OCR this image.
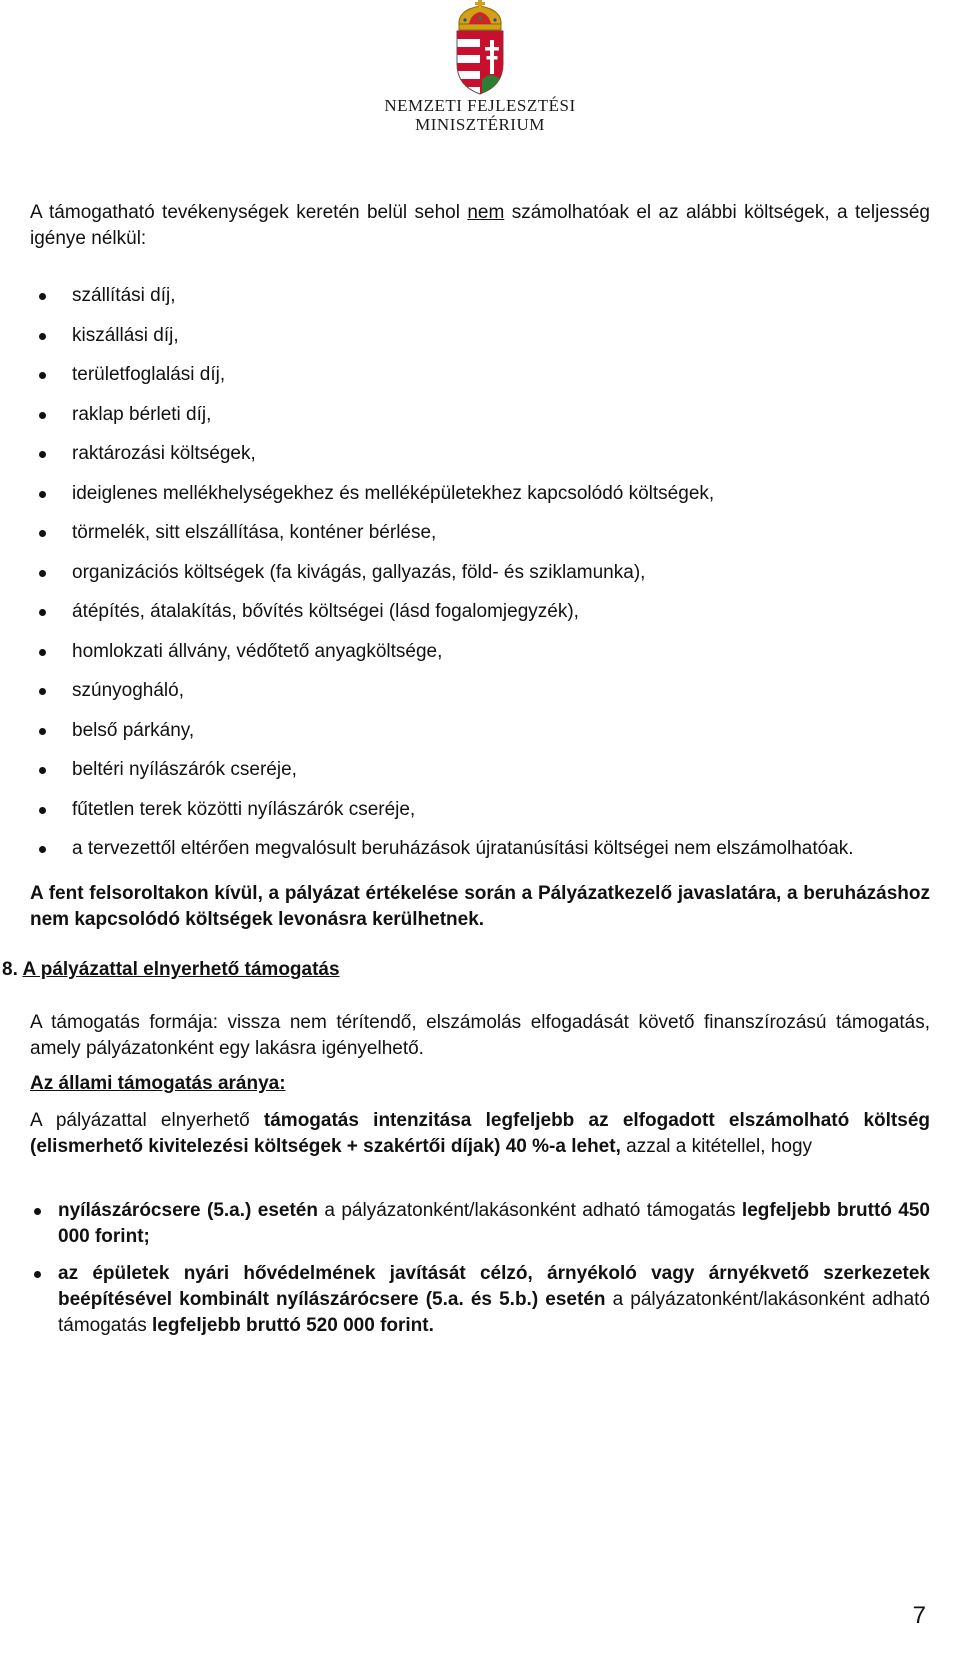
NEMZETI FEJLESZTÉSI
MINISZTÉRIUM

A támogatható tevékenységek keretén belül sehol nem számolhatóak el az alábbi költségek, a teljesség igénye nélkül:

szállítási díj,
kiszállási díj,
területfoglalási díj,
raklap bérleti díj,
raktározási költségek,
ideiglenes mellékhelységekhez és melléképületekhez kapcsolódó költségek,
törmelék, sitt elszállítása, konténer bérlése,
organizációs költségek (fa kivágás, gallyazás, föld- és sziklamunka),
átépítés, átalakítás, bővítés költségei (lásd fogalomjegyzék),
homlokzati állvány, védőtető anyagköltsége,
szúnyogháló,
belső párkány,
beltéri nyílászárók cseréje,
fűtetlen terek közötti nyílászárók cseréje,
a tervezettől eltérően megvalósult beruházások újratanúsítási költségei nem elszámolhatóak.

A fent felsoroltakon kívül, a pályázat értékelése során a Pályázatkezelő javaslatára, a beruházáshoz nem kapcsolódó költségek levonásra kerülhetnek.

8. A pályázattal elnyerhető támogatás

A támogatás formája: vissza nem térítendő, elszámolás elfogadását követő finanszírozású támogatás, amely pályázatonként egy lakásra igényelhető.

Az állami támogatás aránya:

A pályázattal elnyerhető támogatás intenzitása legfeljebb az elfogadott elszámolható költség (elismerhető kivitelezési költségek + szakértői díjak) 40 %-a lehet, azzal a kitétellel, hogy

nyílászárócsere (5.a.) esetén a pályázatonként/lakásonként adható támogatás legfeljebb bruttó 450 000 forint;
az épületek nyári hővédelmének javítását célzó, árnyékoló vagy árnyékvető szerkezetek beépítésével kombinált nyílászárócsere (5.a. és 5.b.) esetén a pályázatonként/lakásonként adható támogatás legfeljebb bruttó 520 000 forint.
7
